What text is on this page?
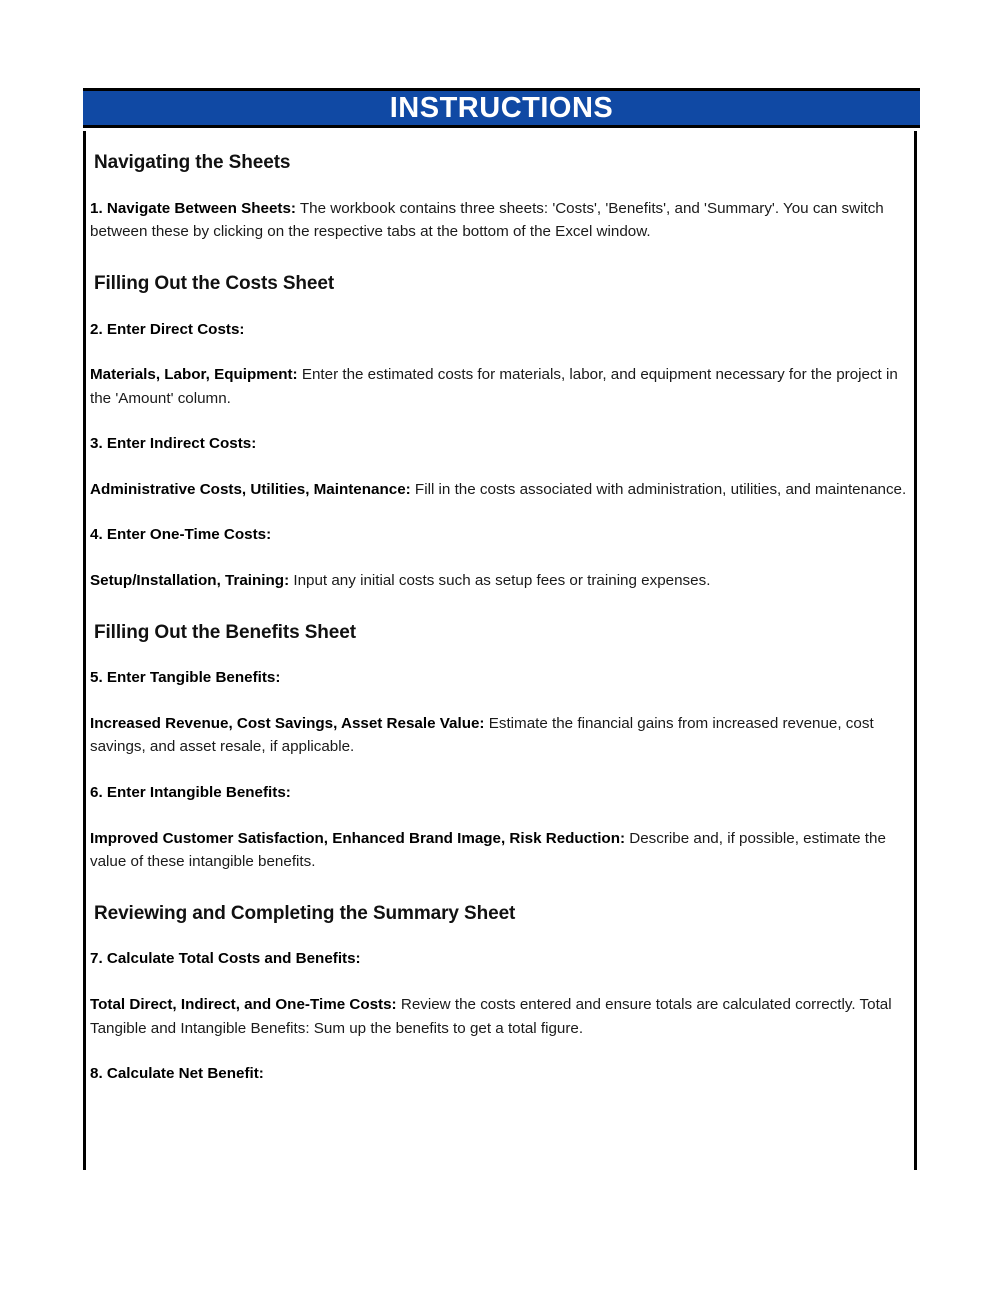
INSTRUCTIONS
Navigating the Sheets

1. Navigate Between Sheets: The workbook contains three sheets: 'Costs', 'Benefits', and 'Summary'. You can switch between these by clicking on the respective tabs at the bottom of the Excel window.

Filling Out the Costs Sheet

2. Enter Direct Costs:

Materials, Labor, Equipment: Enter the estimated costs for materials, labor, and equipment necessary for the project in the 'Amount' column.

3. Enter Indirect Costs:

Administrative Costs, Utilities, Maintenance: Fill in the costs associated with administration, utilities, and maintenance.

4. Enter One-Time Costs:

Setup/Installation, Training: Input any initial costs such as setup fees or training expenses.

Filling Out the Benefits Sheet

5. Enter Tangible Benefits:

Increased Revenue, Cost Savings, Asset Resale Value: Estimate the financial gains from increased revenue, cost savings, and asset resale, if applicable.

6. Enter Intangible Benefits:

Improved Customer Satisfaction, Enhanced Brand Image, Risk Reduction: Describe and, if possible, estimate the value of these intangible benefits.

Reviewing and Completing the Summary Sheet

7. Calculate Total Costs and Benefits:

Total Direct, Indirect, and One-Time Costs: Review the costs entered and ensure totals are calculated correctly. Total Tangible and Intangible Benefits: Sum up the benefits to get a total figure.

8. Calculate Net Benefit:
